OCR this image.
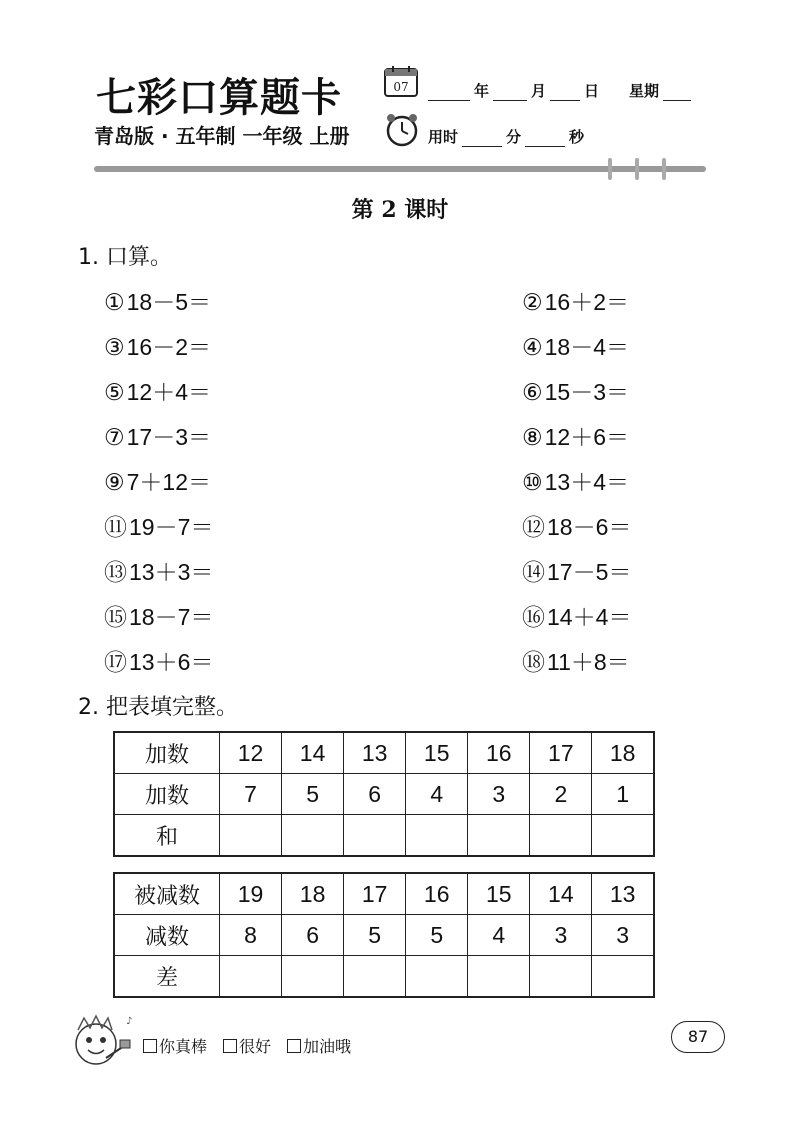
七彩口算题卡
青岛版 · 五年制 一年级 上册
07	年	月	日 星期
用时	分	秒
第 2 课时
1. 口算。
①18－5＝	②16＋2＝
③16－2＝	④18－4＝
⑤12＋4＝	⑥15－3＝
⑦17－3＝	⑧12＋6＝
⑨7＋12＝	⑩13＋4＝
⑪19－7＝	⑫18－6＝
⑬13＋3＝	⑭17－5＝
⑮18－7＝	⑯14＋4＝
⑰13＋6＝	⑱11＋8＝
2. 把表填完整。
加数	12	14	13	15	16	17	18
加数	7	5	6	4	3	2	1
和							
被减数	19	18	17	16	15	14	13
减数	8	6	5	5	4	3	3
差							
♪
你真棒 很好 加油哦
87
